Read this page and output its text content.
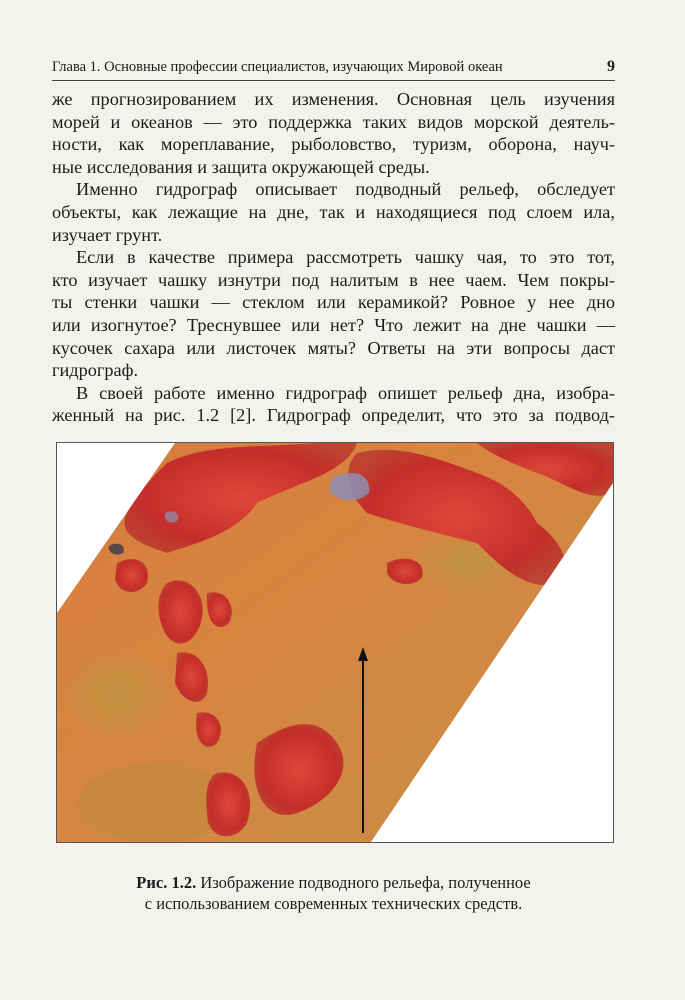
Глава 1. Основные профессии специалистов, изучающих Мировой океан	9
же прогнозированием их изменения. Основная цель изучения
морей и океанов — это поддержка таких видов морской деятель-
ности, как мореплавание, рыболовство, туризм, оборона, науч-
ные исследования и защита окружающей среды.
Именно гидрограф описывает подводный рельеф, обследует
объекты, как лежащие на дне, так и находящиеся под слоем ила,
изучает грунт.
Если в качестве примера рассмотреть чашку чая, то это тот,
кто изучает чашку изнутри под налитым в нее чаем. Чем покры-
ты стенки чашки — стеклом или керамикой? Ровное у нее дно
или изогнутое? Треснувшее или нет? Что лежит на дне чашки —
кусочек сахара или листочек мяты? Ответы на эти вопросы даст
гидрограф.
В своей работе именно гидрограф опишет рельеф дна, изобра-
женный на рис. 1.2 [2]. Гидрограф определит, что это за подвод-
Рис. 1.2. Изображение подводного рельефа, полученное
с использованием современных технических средств.
